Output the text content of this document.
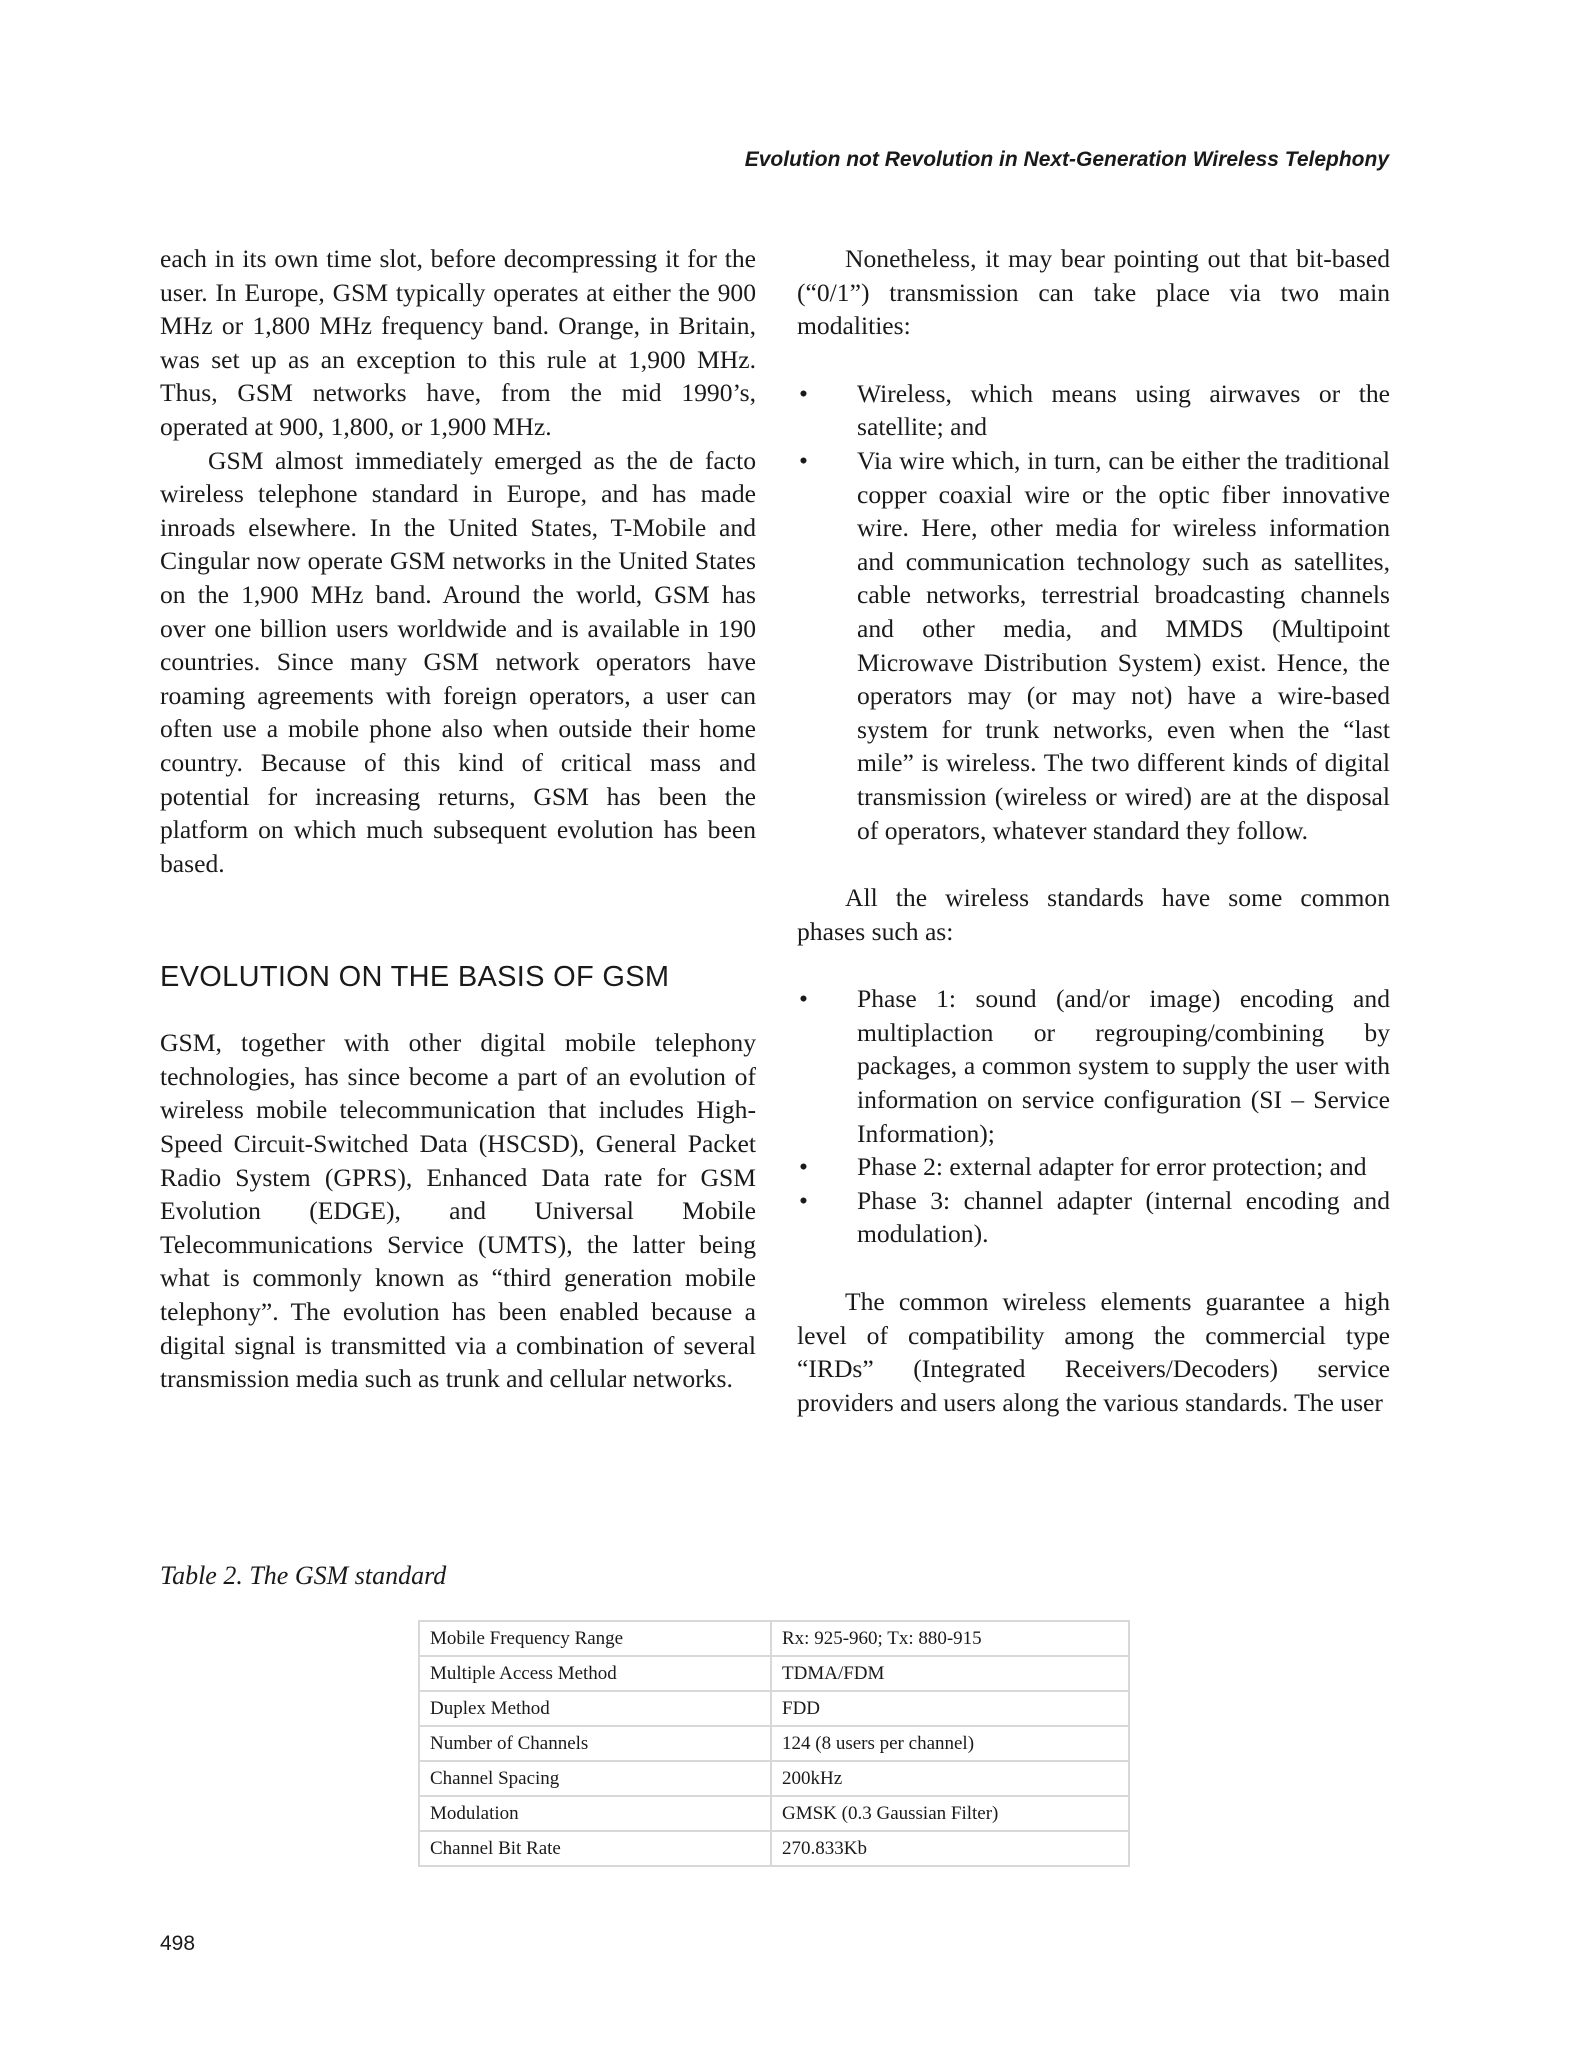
Evolution not Revolution in Next-Generation Wireless Telephony

each in its own time slot, before decompressing it for the user. In Europe, GSM typically operates at either the 900 MHz or 1,800 MHz frequency band. Orange, in Britain, was set up as an exception to this rule at 1,900 MHz. Thus, GSM networks have, from the mid 1990’s, operated at 900, 1,800, or 1,900 MHz.

GSM almost immediately emerged as the de facto wireless telephone standard in Europe, and has made inroads elsewhere. In the United States, T-Mobile and Cingular now operate GSM networks in the United States on the 1,900 MHz band. Around the world, GSM has over one billion users worldwide and is available in 190 countries. Since many GSM network operators have roaming agreements with foreign operators, a user can often use a mobile phone also when outside their home country. Because of this kind of critical mass and potential for increasing returns, GSM has been the platform on which much subsequent evolution has been based.

EVOLUTION ON THE BASIS OF GSM

GSM, together with other digital mobile telephony technologies, has since become a part of an evolution of wireless mobile telecommunication that includes High-Speed Circuit-Switched Data (HSCSD), General Packet Radio System (GPRS), Enhanced Data rate for GSM Evolution (EDGE), and Universal Mobile Telecommunications Service (UMTS), the latter being what is commonly known as “third generation mobile telephony”. The evolution has been enabled because a digital signal is transmitted via a combination of several transmission media such as trunk and cellular networks.

Nonetheless, it may bear pointing out that bit-based (“0/1”) transmission can take place via two main modalities:

• Wireless, which means using airwaves or the satellite; and
• Via wire which, in turn, can be either the traditional copper coaxial wire or the optic fiber innovative wire. Here, other media for wireless information and communication technology such as satellites, cable networks, terrestrial broadcasting channels and other media, and MMDS (Multipoint Microwave Distribution System) exist. Hence, the operators may (or may not) have a wire-based system for trunk networks, even when the “last mile” is wireless. The two different kinds of digital transmission (wireless or wired) are at the disposal of operators, whatever standard they follow.

All the wireless standards have some common phases such as:

• Phase 1: sound (and/or image) encoding and multiplaction or regrouping/combining by packages, a common system to supply the user with information on service configuration (SI – Service Information);
• Phase 2: external adapter for error protection; and
• Phase 3: channel adapter (internal encoding and modulation).

The common wireless elements guarantee a high level of compatibility among the commercial type “IRDs” (Integrated Receivers/Decoders) service providers and users along the various standards. The user

Table 2. The GSM standard
Mobile Frequency Range	Rx: 925-960; Tx: 880-915
Multiple Access Method	TDMA/FDM
Duplex Method	FDD
Number of Channels	124 (8 users per channel)
Channel Spacing	200kHz
Modulation	GMSK (0.3 Gaussian Filter)
Channel Bit Rate	270.833Kb
498
